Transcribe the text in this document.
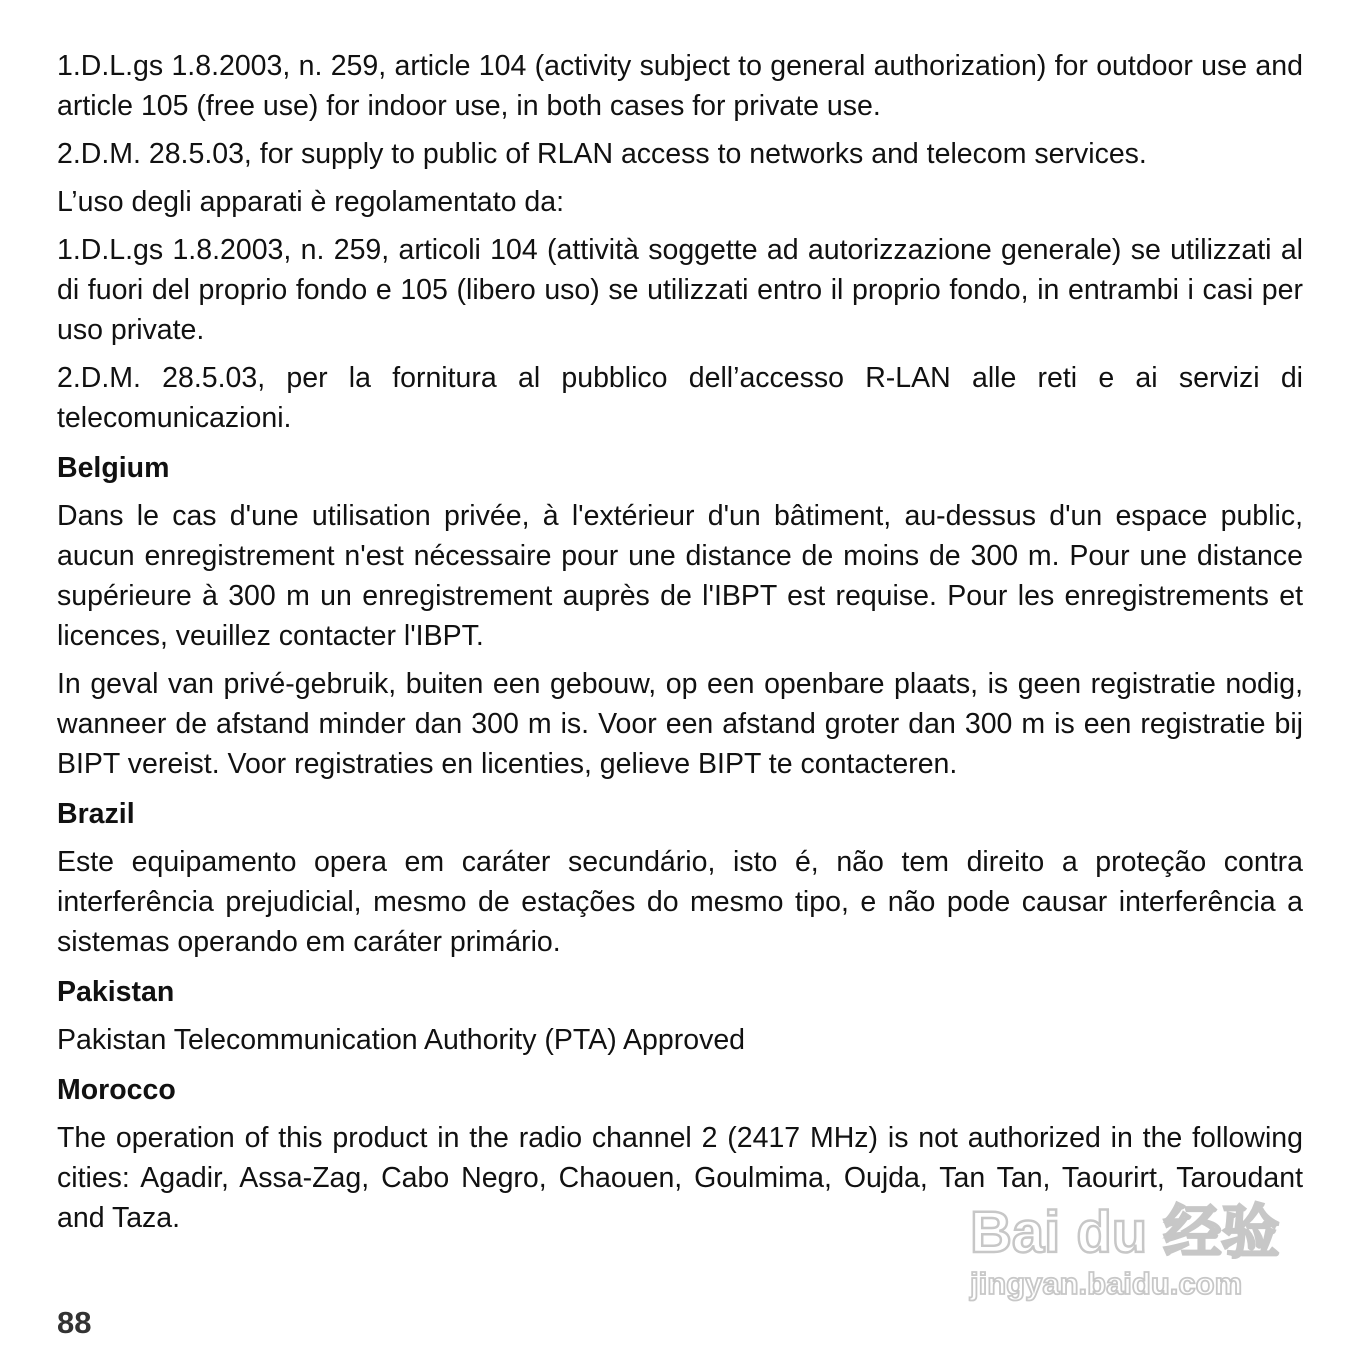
1.D.L.gs 1.8.2003, n. 259, article 104 (activity subject to general authorization) for outdoor use and article 105 (free use) for indoor use, in both cases for private use.

2.D.M. 28.5.03, for supply to public of RLAN access to networks and telecom services.

L’uso degli apparati è regolamentato da:

1.D.L.gs 1.8.2003, n. 259, articoli 104 (attività soggette ad autorizzazione generale) se utilizzati al di fuori del proprio fondo e 105 (libero uso) se utilizzati entro il proprio fondo, in entrambi i casi per uso private.

2.D.M. 28.5.03, per la fornitura al pubblico dell’accesso R-LAN alle reti e ai servizi di telecomunicazioni.

Belgium

Dans le cas d'une utilisation privée, à l'extérieur d'un bâtiment, au-dessus d'un espace public, aucun enregistrement n'est nécessaire pour une distance de moins de 300 m. Pour une distance supérieure à 300 m un enregistrement auprès de l'IBPT est requise. Pour les enregistrements et licences, veuillez contacter l'IBPT.

In geval van privé-gebruik, buiten een gebouw, op een openbare plaats, is geen registratie nodig, wanneer de afstand minder dan 300 m is. Voor een afstand groter dan 300 m is een registratie bij BIPT vereist. Voor registraties en licenties, gelieve BIPT te contacteren.

Brazil

Este equipamento opera em caráter secundário, isto é, não tem direito a proteção contra interferência prejudicial, mesmo de estações do mesmo tipo, e não pode causar interferência a sistemas operando em caráter primário.

Pakistan

Pakistan Telecommunication Authority (PTA) Approved

Morocco

The operation of this product in the radio channel 2 (2417 MHz) is not authorized in the following cities: Agadir, Assa-Zag, Cabo Negro, Chaouen, Goulmima, Oujda, Tan Tan, Taourirt, Taroudant and Taza.

88
Bai du 经验
jingyan.baidu.com
